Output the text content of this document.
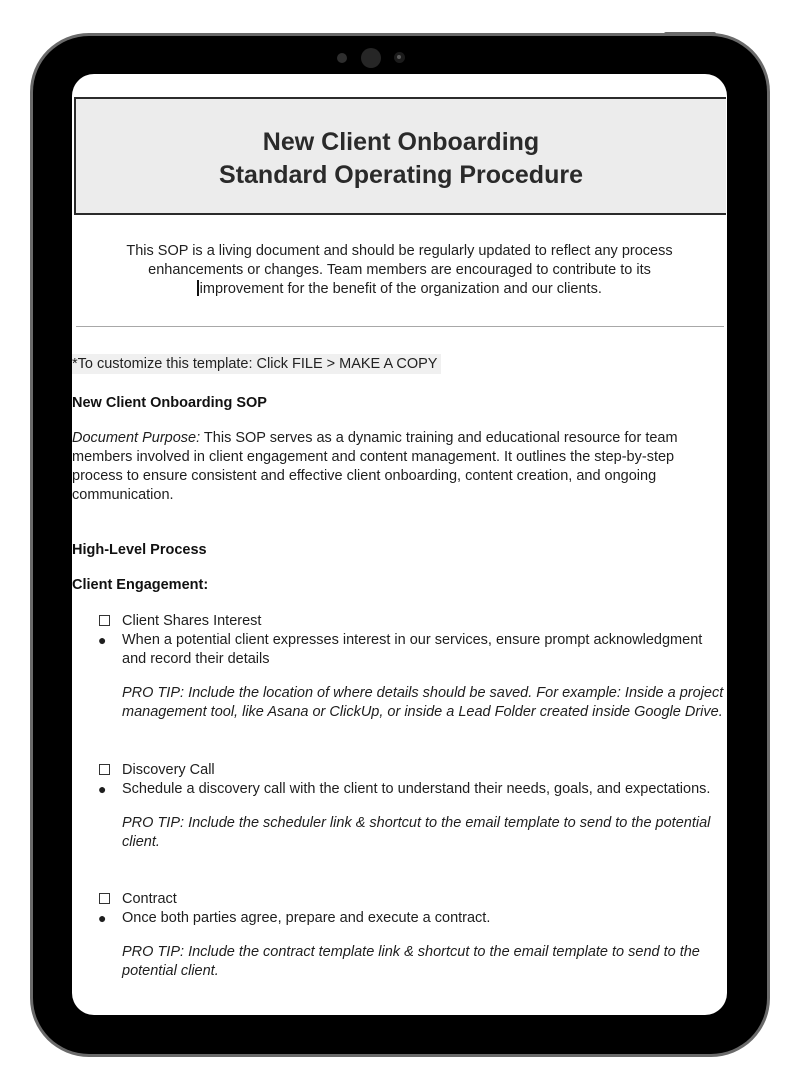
New Client Onboarding
Standard Operating Procedure
This SOP is a living document and should be regularly updated to reflect any process
enhancements or changes. Team members are encouraged to contribute to its
improvement for the benefit of the organization and our clients.
*To customize this template: Click FILE > MAKE A COPY
New Client Onboarding SOP
Document Purpose: This SOP serves as a dynamic training and educational resource for team members involved in client engagement and content management. It outlines the step-by-step process to ensure consistent and effective client onboarding, content creation, and ongoing communication.
High-Level Process
Client Engagement:
Client Shares Interest
● When a potential client expresses interest in our services, ensure prompt acknowledgment and record their details
PRO TIP: Include the location of where details should be saved. For example: Inside a project management tool, like Asana or ClickUp, or inside a Lead Folder created inside Google Drive.
Discovery Call
● Schedule a discovery call with the client to understand their needs, goals, and expectations.
PRO TIP: Include the scheduler link & shortcut to the email template to send to the potential client.
Contract
● Once both parties agree, prepare and execute a contract.
PRO TIP: Include the contract template link & shortcut to the email template to send to the potential client.
